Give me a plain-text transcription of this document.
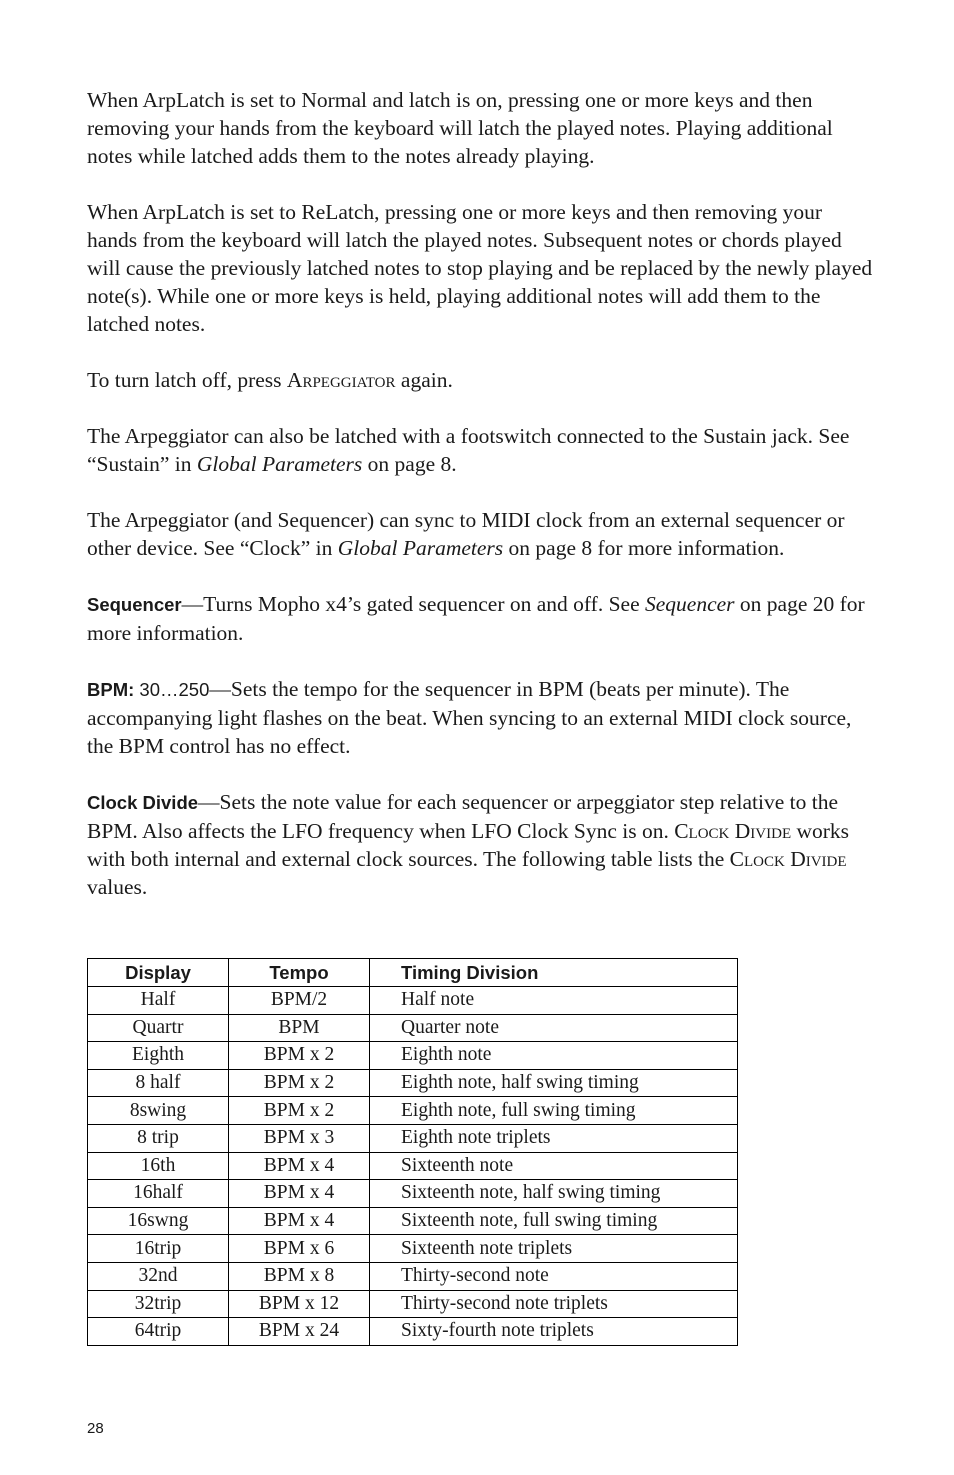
When ArpLatch is set to Normal and latch is on, pressing one or more keys and then removing your hands from the keyboard will latch the played notes. Playing additional notes while latched adds them to the notes already playing.

When ArpLatch is set to ReLatch, pressing one or more keys and then removing your hands from the keyboard will latch the played notes. Subsequent notes or chords played will cause the previously latched notes to stop playing and be replaced by the newly played note(s). While one or more keys is held, playing additional notes will add them to the latched notes.

To turn latch off, press Arpeggiator again.

The Arpeggiator can also be latched with a footswitch connected to the Sustain jack. See “Sustain” in Global Parameters on page 8.

The Arpeggiator (and Sequencer) can sync to MIDI clock from an external sequencer or other device. See “Clock” in Global Parameters on page 8 for more information.

Sequencer—Turns Mopho x4’s gated sequencer on and off. See Sequencer on page 20 for more information.

BPM: 30…250—Sets the tempo for the sequencer in BPM (beats per minute). The accompanying light flashes on the beat. When syncing to an external MIDI clock source, the BPM control has no effect.

Clock Divide—Sets the note value for each sequencer or arpeggiator step relative to the BPM. Also affects the LFO frequency when LFO Clock Sync is on. Clock Divide works with both internal and external clock sources. The following table lists the Clock Divide values.

Display	Tempo	Timing Division
Half	BPM/2	Half note
Quartr	BPM	Quarter note
Eighth	BPM x 2	Eighth note
8 half	BPM x 2	Eighth note, half swing timing
8swing	BPM x 2	Eighth note, full swing timing
8 trip	BPM x 3	Eighth note triplets
16th	BPM x 4	Sixteenth note
16half	BPM x 4	Sixteenth note, half swing timing
16swng	BPM x 4	Sixteenth note, full swing timing
16trip	BPM x 6	Sixteenth note triplets
32nd	BPM x 8	Thirty-second note
32trip	BPM x 12	Thirty-second note triplets
64trip	BPM x 24	Sixty-fourth note triplets
28
